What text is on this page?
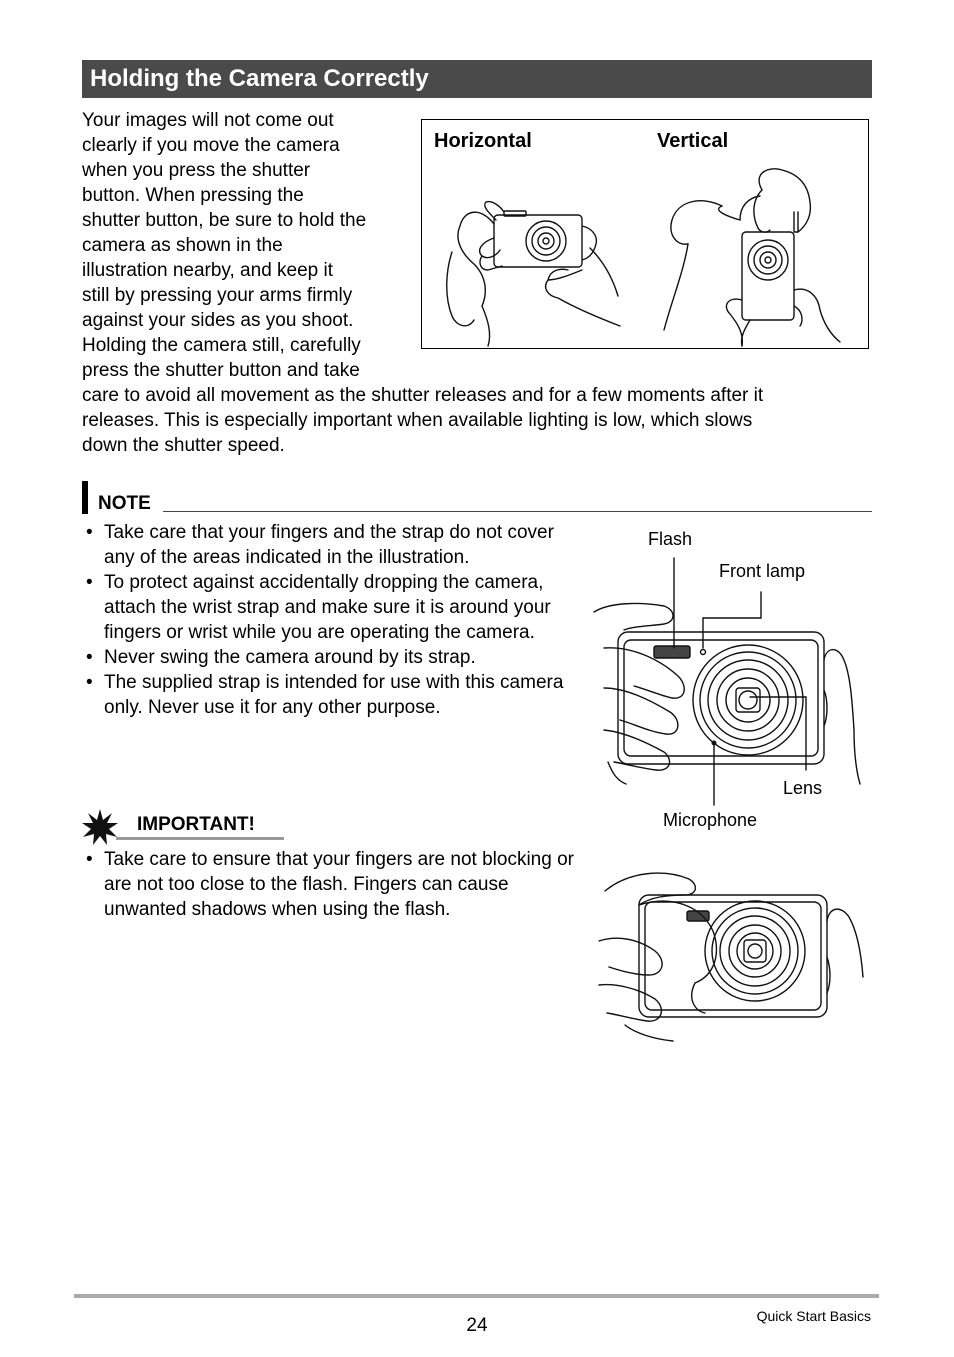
Holding the Camera Correctly

Your images will not come out
clearly if you move the camera
when you press the shutter
button. When pressing the
shutter button, be sure to hold the
camera as shown in the
illustration nearby, and keep it
still by pressing your arms firmly
against your sides as you shoot.
Holding the camera still, carefully
press the shutter button and take

care to avoid all movement as the shutter releases and for a few moments after it
releases. This is especially important when available lighting is low, which slows
down the shutter speed.

Horizontal	Vertical
NOTE
• Take care that your fingers and the strap do not cover any of the areas indicated in the illustration.
• To protect against accidentally dropping the camera, attach the wrist strap and make sure it is around your fingers or wrist while you are operating the camera.
• Never swing the camera around by its strap.
• The supplied strap is intended for use with this camera only. Never use it for any other purpose.
Flash
Front lamp
Lens
Microphone
IMPORTANT!
• Take care to ensure that your fingers are not blocking or are not too close to the flash. Fingers can cause unwanted shadows when using the flash.
24	Quick Start Basics
